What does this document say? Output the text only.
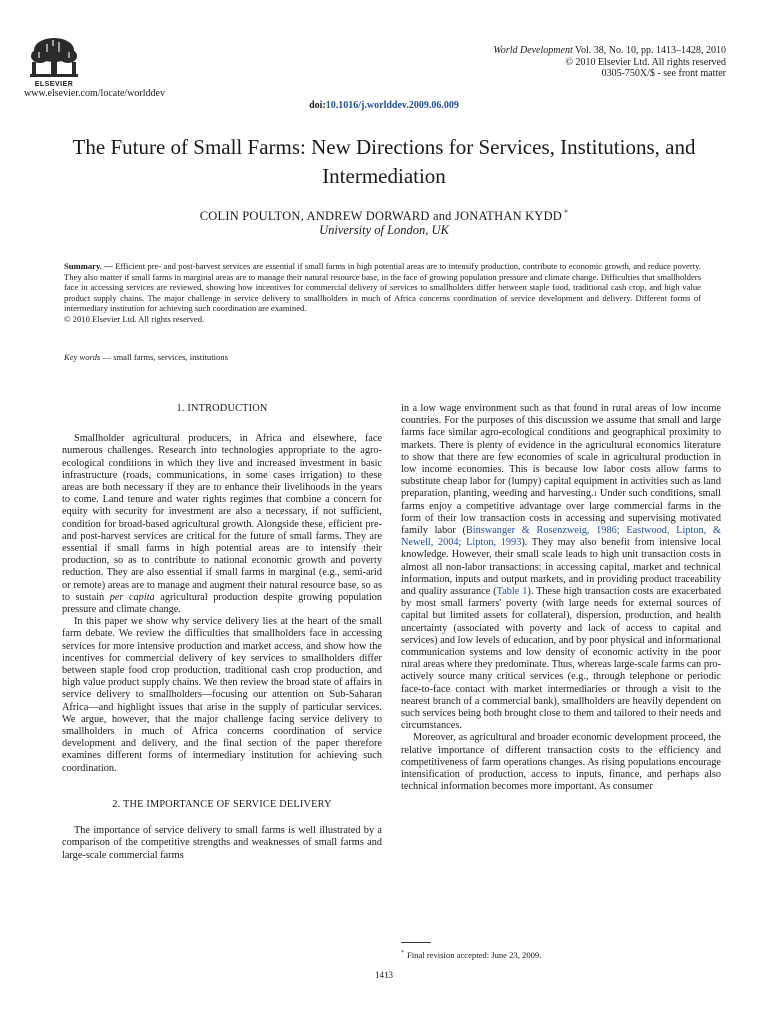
ELSEVIER
www.elsevier.com/locate/worlddev
World Development Vol. 38, No. 10, pp. 1413–1428, 2010
© 2010 Elsevier Ltd. All rights reserved
0305-750X/$ - see front matter
doi:10.1016/j.worlddev.2009.06.009
The Future of Small Farms: New Directions for Services, Institutions, and Intermediation
COLIN POULTON, ANDREW DORWARD and JONATHAN KYDD *
University of London, UK

Summary. — Efficient pre- and post-harvest services are essential if small farms in high potential areas are to intensify production, contribute to economic growth, and reduce poverty. They also matter if small farms in marginal areas are to manage their natural resource base, in the face of growing population pressure and climate change. Difficulties that smallholders face in accessing services are reviewed, showing how incentives for commercial delivery of services to smallholders differ between staple food, traditional cash crop, and high value product supply chains. The major challenge in service delivery to smallholders in much of Africa concerns coordination of service development and delivery. Different forms of intermediary institution for achieving such coordination are examined.

© 2010 Elsevier Ltd. All rights reserved.

Key words — small farms, services, institutions
1. INTRODUCTION

Smallholder agricultural producers, in Africa and elsewhere, face numerous challenges. Research into technologies appropriate to the agro-ecological conditions in which they live and increased investment in basic infrastructure (roads, communications, in some cases irrigation) to these areas are both necessary if they are to enhance their livelihoods in the years to come. Land tenure and water rights regimes that combine a concern for equity with security for investment are also a necessary, if not sufficient, condition for broad-based agricultural growth. Alongside these, efficient pre- and post-harvest services are critical for the future of small farms. They are essential if small farms in high potential areas are to intensify their production, so as to contribute to national economic growth and poverty reduction. They are also essential if small farms in marginal (e.g., semi-arid or remote) areas are to manage and augment their natural resource base, so as to sustain per capita agricultural production despite growing population pressure and climate change.

In this paper we show why service delivery lies at the heart of the small farm debate. We review the difficulties that smallholders face in accessing services for more intensive production and market access, and show how the incentives for commercial delivery of key services to smallholders differ between staple food crop production, traditional cash crop production, and high value product supply chains. We then review the broad state of affairs in service delivery to smallholders—focusing our attention on Sub-Saharan Africa—and highlight issues that arise in the supply of particular services. We argue, however, that the major challenge facing service delivery to smallholders in much of Africa concerns coordination of service development and delivery, and the final section of the paper therefore examines different forms of intermediary institution for achieving such coordination.

2. THE IMPORTANCE OF SERVICE DELIVERY

The importance of service delivery to small farms is well illustrated by a comparison of the competitive strengths and weaknesses of small farms and large-scale commercial farms

in a low wage environment such as that found in rural areas of low income countries. For the purposes of this discussion we assume that small and large farms face similar agro-ecological conditions and geographical proximity to markets. There is plenty of evidence in the agricultural economics literature to show that there are few economies of scale in agricultural production in low income economies. This is because low labor costs allow farms to substitute cheap labor for (lumpy) capital equipment in activities such as land preparation, planting, weeding and harvesting.$^1$ Under such conditions, small farms enjoy a competitive advantage over large commercial farms in the form of their low transaction costs in accessing and supervising motivated family labor (Binswanger & Rosenzweig, 1986; Eastwood, Lipton, & Newell, 2004; Lipton, 1993). They may also benefit from intensive local knowledge. However, their small scale leads to high unit transaction costs in almost all non-labor transactions: in accessing capital, market and technical information, inputs and output markets, and in providing product traceability and quality assurance (Table 1). These high transaction costs are exacerbated by most small farmers' poverty (with large needs for external sources of capital but limited assets for collateral), dispersion, production, and health uncertainty (associated with poverty and lack of access to capital and services) and low levels of education, and by poor physical and informational communication systems and low density of economic activity in the poor rural areas where they predominate. Thus, whereas large-scale farms can pro-actively source many critical services (e.g., through telephone or periodic face-to-face contact with market intermediaries or through a visit to the nearest branch of a commercial bank), smallholders are heavily dependent on such services being both brought close to them and tailored to their needs and circumstances.

Moreover, as agricultural and broader economic development proceed, the relative importance of different transaction costs to the efficiency and competitiveness of farm operations changes. As rising populations encourage intensification of production, access to inputs, finance, and perhaps also technical information becomes more important. As consumer

* Final revision accepted: June 23, 2009.
1413
